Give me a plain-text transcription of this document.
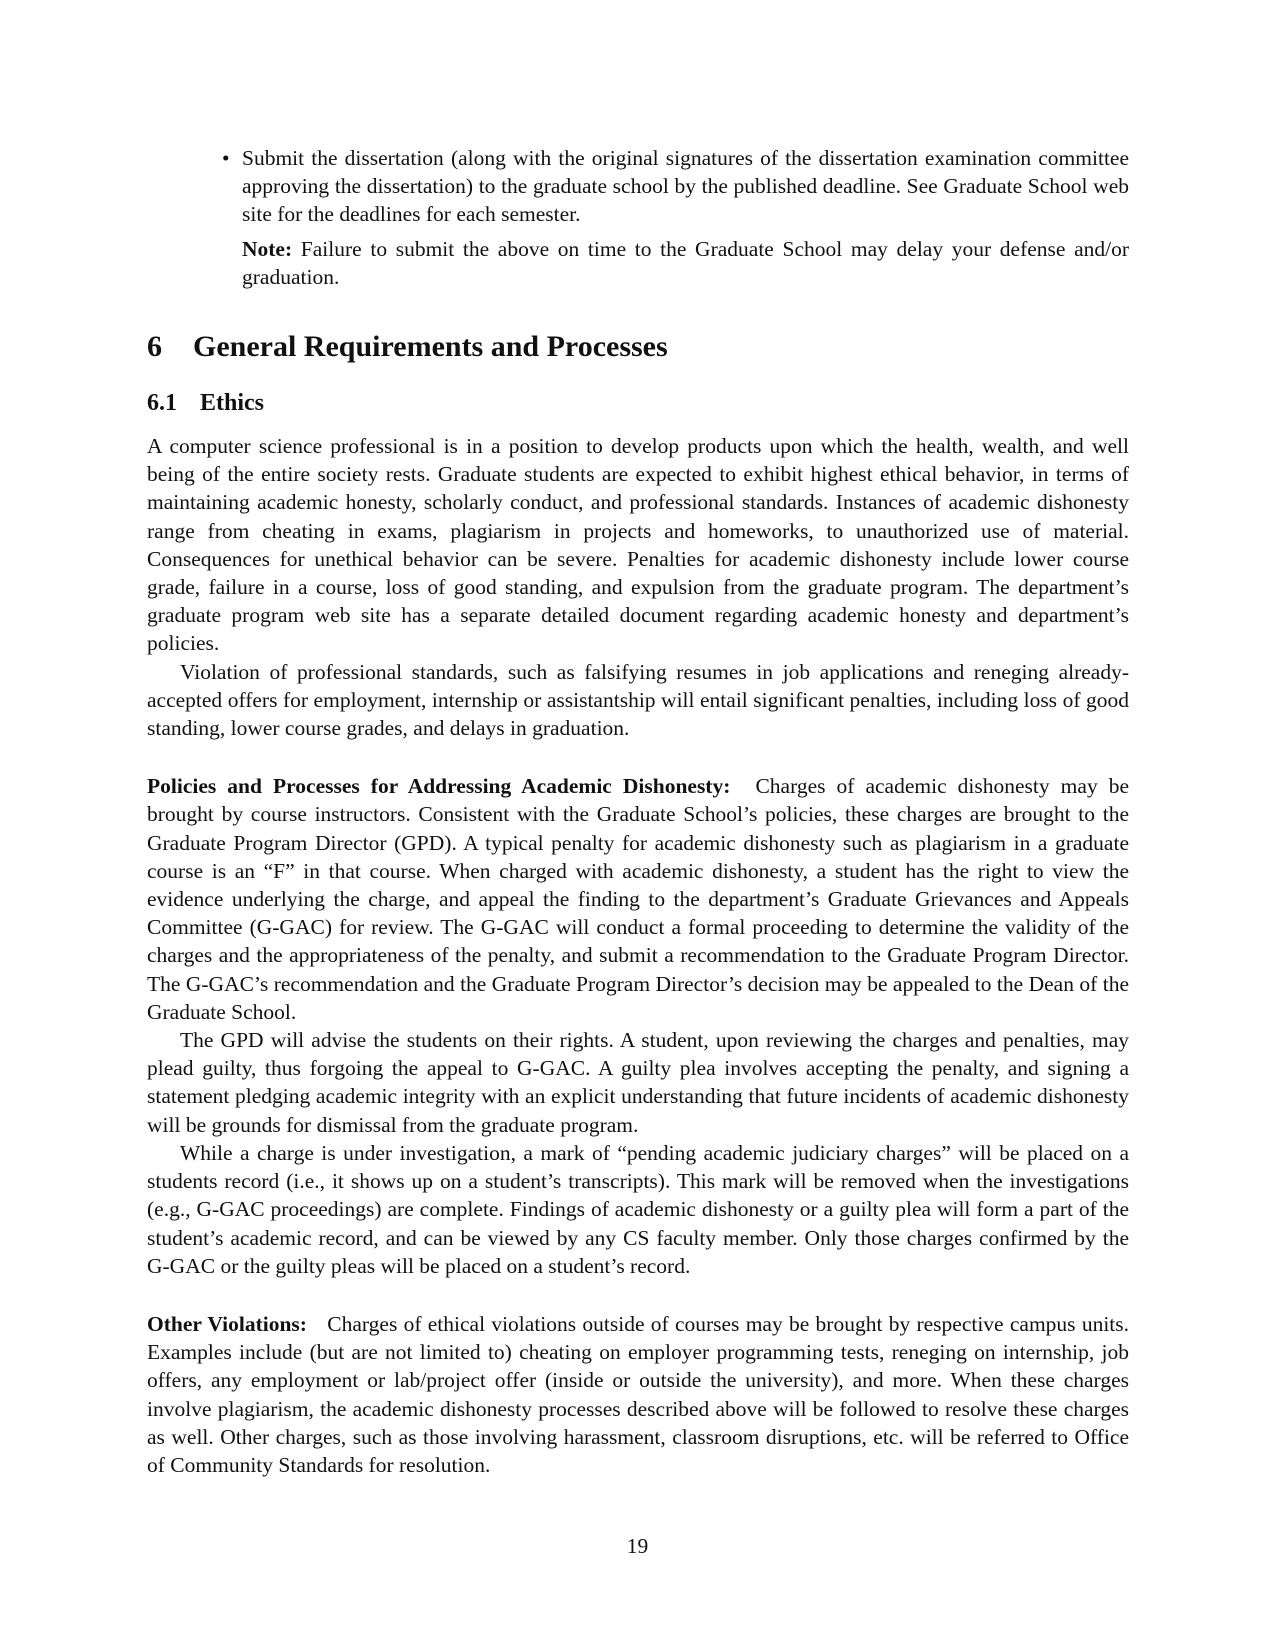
• Submit the dissertation (along with the original signatures of the dissertation examination committee approving the dissertation) to the graduate school by the published deadline. See Graduate School web site for the deadlines for each semester.

Note: Failure to submit the above on time to the Graduate School may delay your defense and/or graduation.

6	General Requirements and Processes
6.1 Ethics

A computer science professional is in a position to develop products upon which the health, wealth, and well being of the entire society rests. Graduate students are expected to exhibit highest ethical behavior, in terms of maintaining academic honesty, scholarly conduct, and professional standards. Instances of academic dishonesty range from cheating in exams, plagiarism in projects and homeworks, to unauthorized use of material. Consequences for unethical behavior can be severe. Penalties for academic dishonesty include lower course grade, failure in a course, loss of good standing, and expulsion from the graduate program. The department’s graduate program web site has a separate detailed document regarding academic honesty and department’s policies.

Violation of professional standards, such as falsifying resumes in job applications and reneging already-accepted offers for employment, internship or assistantship will entail significant penalties, including loss of good standing, lower course grades, and delays in graduation.

Policies and Processes for Addressing Academic Dishonesty: Charges of academic dishonesty may be brought by course instructors. Consistent with the Graduate School’s policies, these charges are brought to the Graduate Program Director (GPD). A typical penalty for academic dishonesty such as plagiarism in a graduate course is an “F” in that course. When charged with academic dishonesty, a student has the right to view the evidence underlying the charge, and appeal the finding to the department’s Graduate Grievances and Appeals Committee (G-GAC) for review. The G-GAC will conduct a formal proceeding to determine the validity of the charges and the appropriateness of the penalty, and submit a recommendation to the Graduate Program Director. The G-GAC’s recommendation and the Graduate Program Director’s decision may be appealed to the Dean of the Graduate School.

The GPD will advise the students on their rights. A student, upon reviewing the charges and penalties, may plead guilty, thus forgoing the appeal to G-GAC. A guilty plea involves accepting the penalty, and signing a statement pledging academic integrity with an explicit understanding that future incidents of academic dishonesty will be grounds for dismissal from the graduate program.

While a charge is under investigation, a mark of “pending academic judiciary charges” will be placed on a students record (i.e., it shows up on a student’s transcripts). This mark will be removed when the investigations (e.g., G-GAC proceedings) are complete. Findings of academic dishonesty or a guilty plea will form a part of the student’s academic record, and can be viewed by any CS faculty member. Only those charges confirmed by the G-GAC or the guilty pleas will be placed on a student’s record.

Other Violations: Charges of ethical violations outside of courses may be brought by respective campus units. Examples include (but are not limited to) cheating on employer programming tests, reneging on internship, job offers, any employment or lab/project offer (inside or outside the university), and more. When these charges involve plagiarism, the academic dishonesty processes described above will be followed to resolve these charges as well. Other charges, such as those involving harassment, classroom disruptions, etc. will be referred to Office of Community Standards for resolution.

19
